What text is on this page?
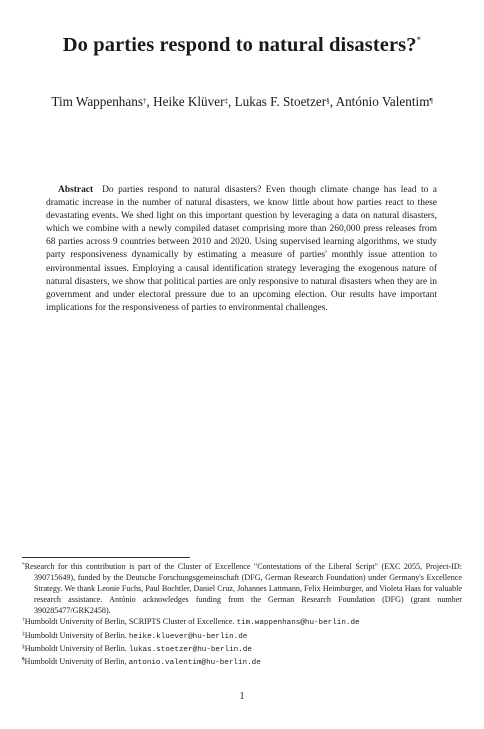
Do parties respond to natural disasters?*
Tim Wappenhans†, Heike Klüver‡, Lukas F. Stoetzer§, António Valentim¶
Abstract Do parties respond to natural disasters? Even though climate change has lead to a dramatic increase in the number of natural disasters, we know little about how parties react to these devastating events. We shed light on this important question by leveraging a data on natural disasters, which we combine with a newly compiled dataset comprising more than 260,000 press releases from 68 parties across 9 countries between 2010 and 2020. Using supervised learning algorithms, we study party responsiveness dynamically by estimating a measure of parties' monthly issue attention to environmental issues. Employing a causal identification strategy leveraging the exogenous nature of natural disasters, we show that political parties are only responsive to natural disasters when they are in government and under electoral pressure due to an upcoming election. Our results have important implications for the responsiveness of parties to environmental challenges.

*Research for this contribution is part of the Cluster of Excellence "Contestations of the Liberal Script" (EXC 2055, Project-ID: 390715649), funded by the Deutsche Forschungsgemeinschaft (DFG, German Research Foundation) under Germany's Excellence Strategy. We thank Leonie Fuchs, Paul Bochtler, Daniel Cruz, Johannes Lattmann, Felix Heimburger, and Violeta Haas for valuable research assistance. António acknowledges funding from the German Research Foundation (DFG) (grant number 390285477/GRK2458).

†Humboldt University of Berlin, SCRIPTS Cluster of Excellence. tim.wappenhans@hu-berlin.de

‡Humboldt University of Berlin. heike.kluever@hu-berlin.de

§Humboldt University of Berlin. lukas.stoetzer@hu-berlin.de

¶Humboldt University of Berlin, antonio.valentim@hu-berlin.de

1
